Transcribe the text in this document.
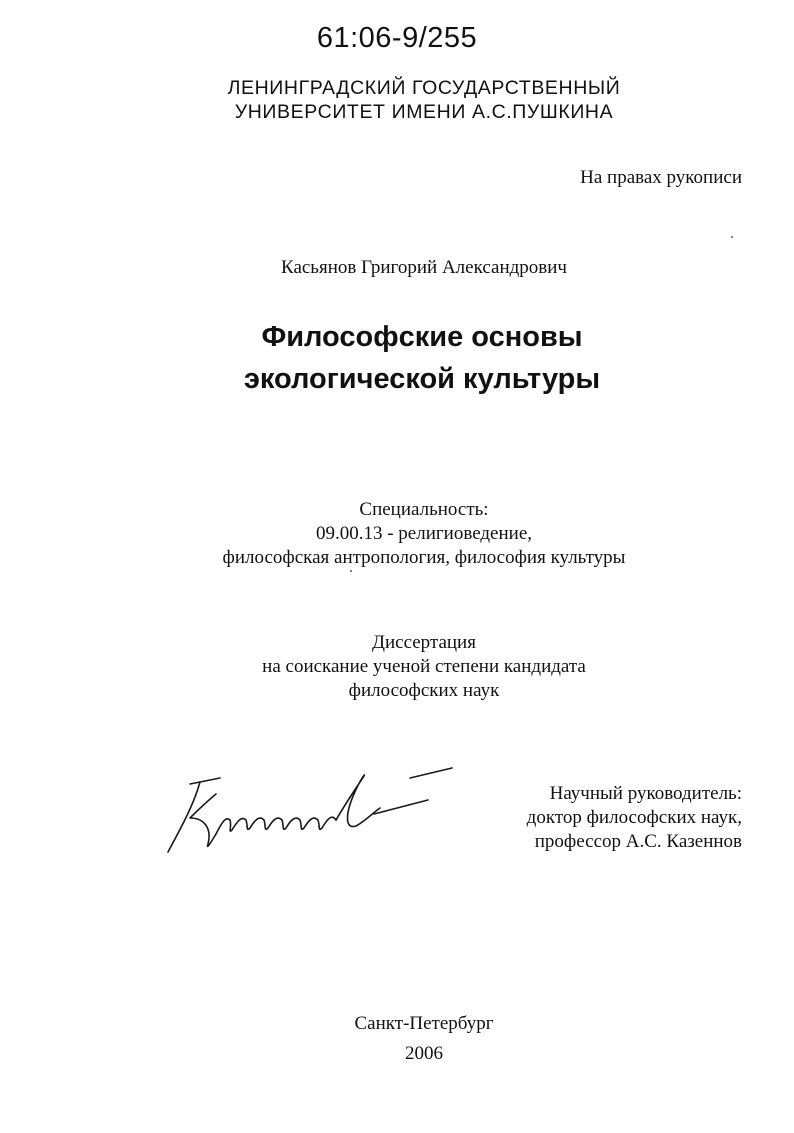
61:06-9/255
ЛЕНИНГРАДСКИЙ ГОСУДАРСТВЕННЫЙ
УНИВЕРСИТЕТ ИМЕНИ А.С.ПУШКИНА
На правах рукописи
Касьянов Григорий Александрович
Философские основы
экологической культуры
Специальность:
09.00.13 - религиоведение,
философская антропология, философия культуры
Диссертация
на соискание ученой степени кандидата
философских наук
Научный руководитель:
доктор философских наук,
профессор А.С. Казеннов
Санкт-Петербург
2006
